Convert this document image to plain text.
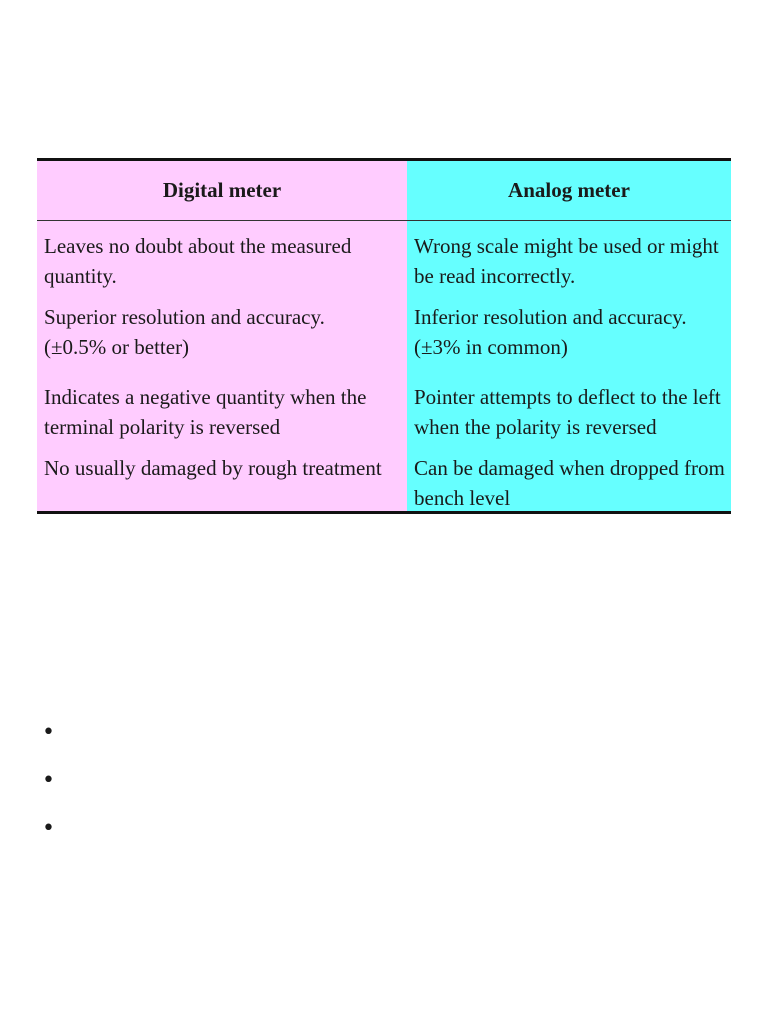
Digital meter
Leaves no doubt about the measured quantity.
Superior resolution and accuracy.
(±0.5% or better)
Indicates a negative quantity when the terminal polarity is reversed
No usually damaged by rough treatment
Analog meter
Wrong scale might be used or might be read incorrectly.
Inferior resolution and accuracy.
(±3% in common)
Pointer attempts to deflect to the left when the polarity is reversed
Can be damaged when dropped from bench level
•
•
•
